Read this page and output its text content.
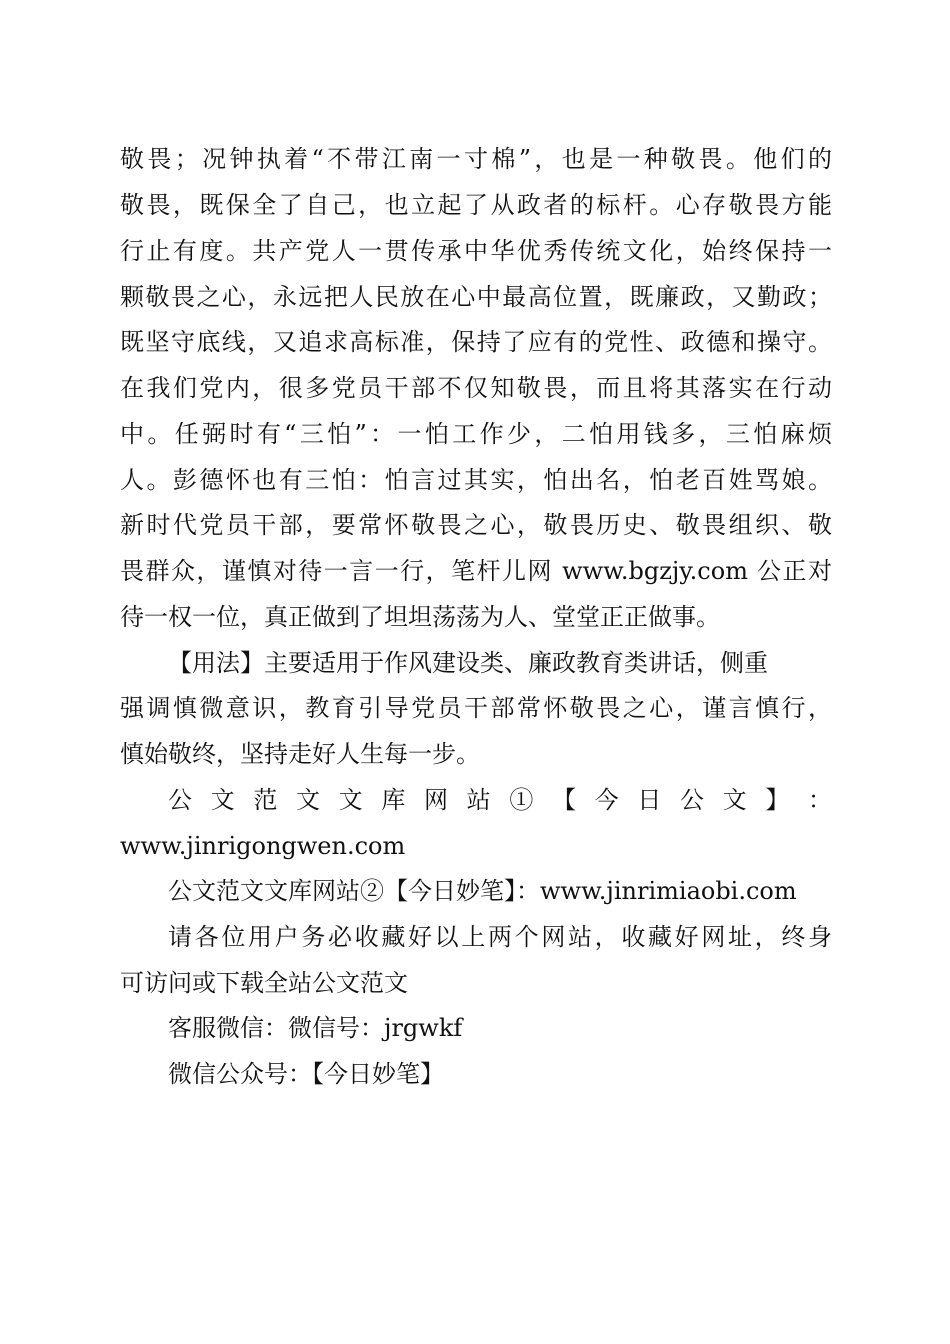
敬畏；况钟执着“不带江南一寸棉”，也是一种敬畏。他们的
敬畏，既保全了自己，也立起了从政者的标杆。心存敬畏方能
行止有度。共产党人一贯传承中华优秀传统文化，始终保持一
颗敬畏之心，永远把人民放在心中最高位置，既廉政，又勤政；
既坚守底线，又追求高标准，保持了应有的党性、政德和操守。
在我们党内，很多党员干部不仅知敬畏，而且将其落实在行动
中。任弼时有“三怕”：一怕工作少，二怕用钱多，三怕麻烦
人。彭德怀也有三怕：怕言过其实，怕出名，怕老百姓骂娘。
新时代党员干部，要常怀敬畏之心，敬畏历史、敬畏组织、敬
畏群众，谨慎对待一言一行，笔杆儿网 www.bgzjy.com 公正对
待一权一位，真正做到了坦坦荡荡为人、堂堂正正做事。
【用法】主要适用于作风建设类、廉政教育类讲话，侧重
强调慎微意识，教育引导党员干部常怀敬畏之心，谨言慎行，
慎始敬终，坚持走好人生每一步。
公 文 范 文 文 库 网 站 ① 【 今 日 公 文 】 ：
www.jinrigongwen.com
公文范文文库网站②【今日妙笔】：www.jinrimiaobi.com
请各位用户务必收藏好以上两个网站，收藏好网址，终身
可访问或下载全站公文范文
客服微信：微信号：jrgwkf
微信公众号：【今日妙笔】
